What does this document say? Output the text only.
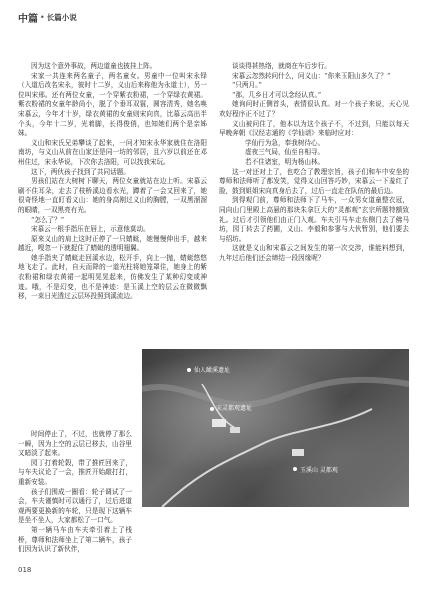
中篇 • 长篇小说

因为这个意外事故，两边道童也披挂上阵。

宋家一共连来两名童子，两名童女。男童中一位叫宋永铎（入道后改名宋永，彼时十二岁，义山后来称他为永道士），另一位叫宋邢。还有两位女童，一个穿紫衣粉裙，一个穿绿衣黄裙。紫衣粉裙的女童年龄尚小，脱了个垂耳双鬟，圆容清秀，她名唤宋慕云，今年才十岁，绿衣黄裙的女童则宋向真，比慕云高出半个头，今年十二岁，光着脚，长得俊俏，也知她们两个是亲姊妹。

义山和宋氏兄弟攀谈了起来，一问才知宋永华家就住在洛阳南坊，与义山从前在山家还是同一坊的邻居，且六岁以前还在邓州住过，宋永华说，下次你去洛阳，可以找我宋玩。

这下，两伙孩子找到了共同话题。

男孩们站在大树树下聊天，两位女童就站在边上听。宋慕云刷不住耳朵，走去了枝桥溪边看水光，蹲着了一会又回来了，她很奇怪地一直盯看义山：她的身高刚过义山的胸膛，一双黑溜溜的眼睛，一双黑亮有光。

“怎么了？”

宋慕云一根手指压在唇上，示意他莫动。

原来义山的肩上这时正停了一只蜻蜓，她慢慢伸出手，越来越近，嗖忽一下就捉住了蜻蜓的透明翅翼。

她手指夹了蜻蜓走回溪水边，松开手，向上一抛，蜻蜓悠悠地飞走了。此时，自天而降的一道光柱将她笼罩住，她身上的紫衣粉裙和绿衣黄裙一起明晃晃起来，仿佛发生了某种幻变或神迹。哦，不是幻变，也不是神迹：是玉溪上空的层云在微微飘移，一束日光透过云层环投照到溪流边。

时间停止了，不过，也就停了那么一瞬，因为上空的云层已移去，山谷里又暗淡了起来。

园丁打着轮榖，带了推匠回来了，与车夫议论了一会，推匠开始敲打打，重新安装。

孩子们围成一圈看：轮子调试了一会，车夫谨慎时可以通行了，过后进道观两要更换新的车轮，只是现下这辆车是坐不坐人，大家都松了一口气。

第一辆马车由车夫牵引着上了栈桥，尊师和法师坐上了第二辆车，孩子们因为认识了新伙伴，

谈谈得甚热络，就商在车后步行。

宋慕云忽然转问什么，问义山：“你来玉阳山多久了？”

“只两月。”

“那，几乡日才可以念经认真。”

她询问时正侧首头，表情很认真。对一个孩子来说，天心见欢好程序正不过了？

义山被问住了，他本以为这个孩子不，不过到，只能以每天早晚奔朝《汉经志通的《学仙谱》来临时应对：

学仙行为急，奉我树待心。

虚夜三气局，仙至自相寻。

若不住诸室，明为杨山林。

这一对还对上了，也吃合了教理宗旨，孩子们和车中安坐的尊师和法师听了都发笑，觉得义山回答巧妙，宋慕云一下羞红了脸，鼓到姐姐宋向真身后去了，过后一直走在队伍的最后边。

到得观门前，尊师和法师下了马车，一众男女道童整衣冠，同向山门里殿上高悬的那块朱拿巨大的“灵都观”玄宗所题特额致礼。过后才引领他们由正门入观。车夫引马车走东侧门去了佛马坊，园丁转去了药圃，义山、李毅和参寥与大伙暂别，他们要去与绍坊。

这就是义山和宋慕云之间发生的第一次交涉，谁能料想到，九年过后他们还会缔结一段因缘呢？

仙人瞰溪遗址
宋灵都观遗址
玉溪山 灵都观
018
